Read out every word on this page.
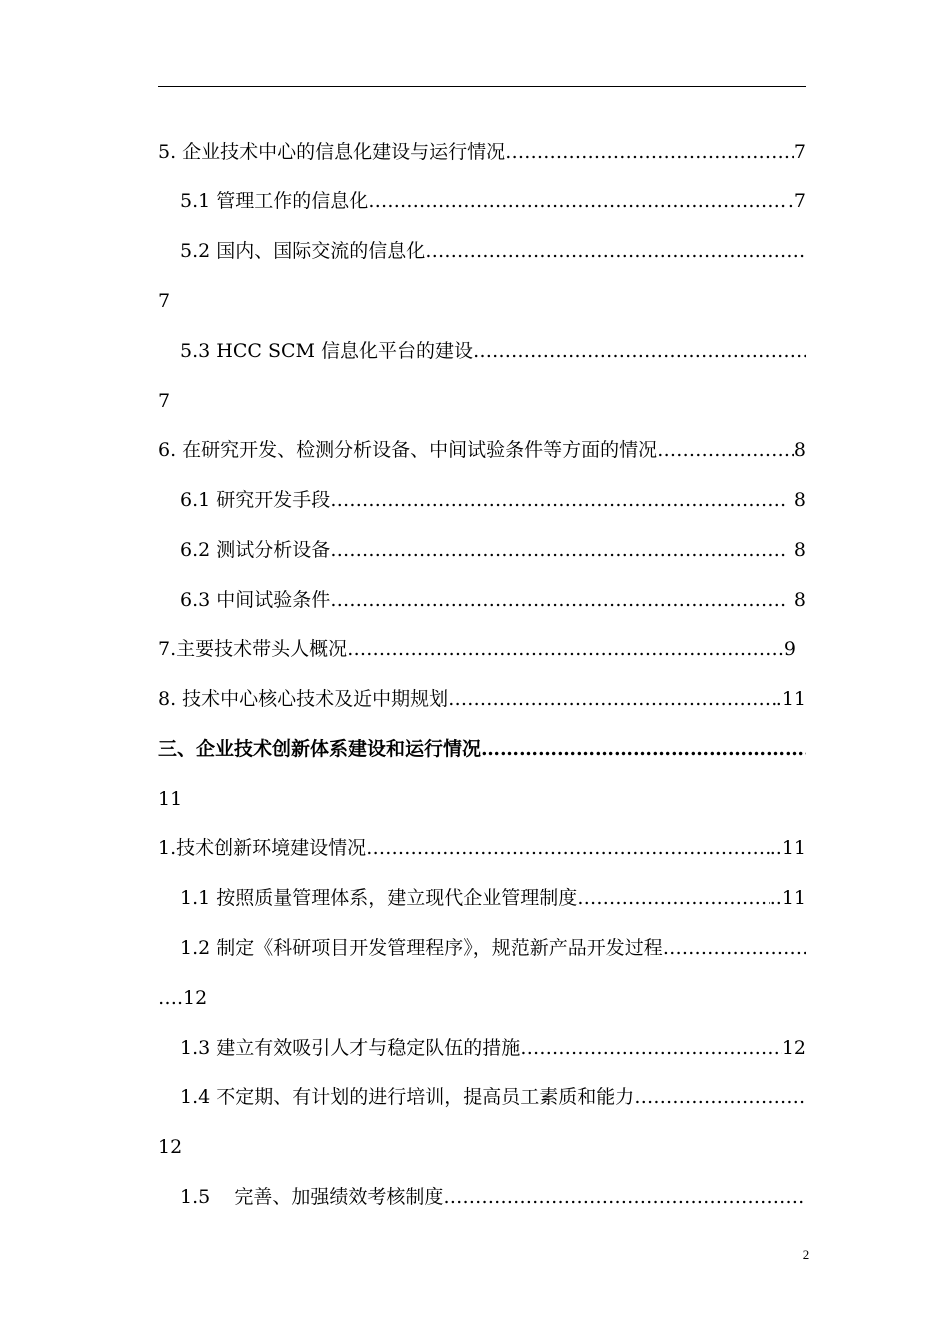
5. 企业技术中心的信息化建设与运行情况 ……………………………………………………………………………………………………………………………………	7
5.1 管理工作的信息化 ……………………………………………………………………………………………………………………………………	.7
5.2 国内、国际交流的信息化
……………………………………………………………………………………………………………………………………
7
5.3 HCC SCM 信息化平台的建设
……………………………………………………………………………………………………………………………………
7
6. 在研究开发、检测分析设备、中间试验条件等方面的情况 ……………………………………………………………………………………………………………………………………	8
6.1 研究开发手段 ……………………………………………………………………………………………………………………………………	8
6.2 测试分析设备 ……………………………………………………………………………………………………………………………………	8
6.3 中间试验条件 ……………………………………………………………………………………………………………………………………	8
7.主要技术带头人概况 ……………………………………………………………………………………………………………………………………	9
8. 技术中心核心技术及近中期规划 ……………………………………………………………………………………………………………………………………	.11
三、企业技术创新体系建设和运行情况
……………………………………………………………………………………………………………………………………
11
1.技术创新环境建设情况 ……………………………………………………………………………………………………………………………………	..11
1.1 按照质量管理体系，建立现代企业管理制度 ……………………………………………………………………………………………………………………………………	..11
1.2 制定《科研项目开发管理程序》，规范新产品开发过程
……………………………………………………………………………………………………………………………………
….12
1.3 建立有效吸引人才与稳定队伍的措施 ……………………………………………………………………………………………………………………………………	12
1.4 不定期、有计划的进行培训，提高员工素质和能力
……………………………………………………………………………………………………………………………………
12
1.5    完善、加强绩效考核制度
……………………………………………………………………………………………………………………………………
2
